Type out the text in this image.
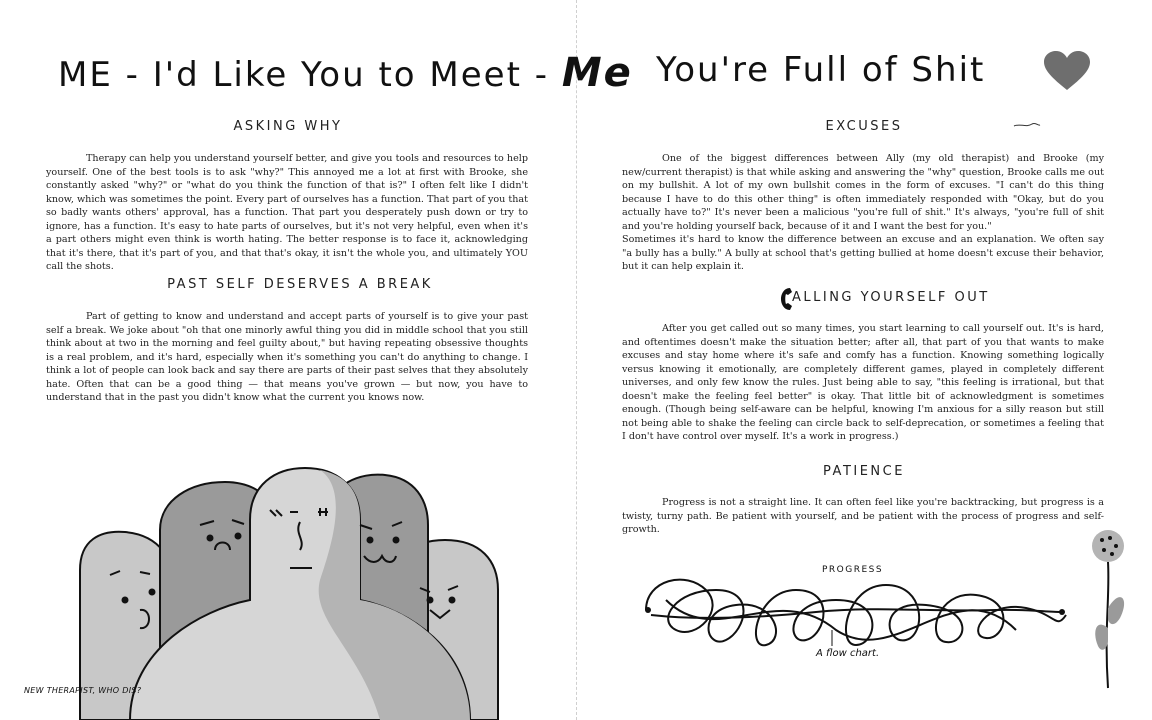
ME - I'd Like You to Meet - Me
ASKING WHY

Therapy can help you understand yourself better, and give you tools and resources to help yourself. One of the best tools is to ask "why?" This annoyed me a lot at first with Brooke, she constantly asked "why?" or "what do you think the function of that is?" I often felt like I didn't know, which was sometimes the point. Every part of ourselves has a function. That part of you that so badly wants others' approval, has a function. That part you desperately push down or try to ignore, has a function. It's easy to hate parts of ourselves, but it's not very helpful, even when it's a part others might even think is worth hating. The better response is to face it, acknowledging that it's there, that it's part of you, and that that's okay, it isn't the whole you, and ultimately YOU call the shots.

PAST SELF DESERVES A BREAK

Part of getting to know and understand and accept parts of yourself is to give your past self a break. We joke about "oh that one minorly awful thing you did in middle school that you still think about at two in the morning and feel guilty about," but having repeating obsessive thoughts is a real problem, and it's hard, especially when it's something you can't do anything to change. I think a lot of people can look back and say there are parts of their past selves that they absolutely hate. Often that can be a good thing — that means you've grown — but now, you have to understand that in the past you didn't know what the current you knows now.

NEW THERAPIST, WHO DIS?
You're Full of Shit
EXCUSES

One of the biggest differences between Ally (my old therapist) and Brooke (my new/current therapist) is that while asking and answering the "why" question, Brooke calls me out on my bullshit. A lot of my own bullshit comes in the form of excuses. "I can't do this thing because I have to do this other thing" is often immediately responded with "Okay, but do you actually have to?" It's never been a malicious "you're full of shit." It's always, "you're full of shit and you're holding yourself back, because of it and I want the best for you."

Sometimes it's hard to know the difference between an excuse and an explanation. We often say "a bully has a bully." A bully at school that's getting bullied at home doesn't excuse their behavior, but it can help explain it.

ALLING YOURSELF OUT

After you get called out so many times, you start learning to call yourself out. It's is hard, and oftentimes doesn't make the situation better; after all, that part of you that wants to make excuses and stay home where it's safe and comfy has a function. Knowing something logically versus knowing it emotionally, are completely different games, played in completely different universes, and only few know the rules. Just being able to say, "this feeling is irrational, but that doesn't make the feeling feel better" is okay. That little bit of acknowledgment is sometimes enough. (Though being self-aware can be helpful, knowing I'm anxious for a silly reason but still not being able to shake the feeling can circle back to self-deprecation, or sometimes a feeling that I don't have control over myself. It's a work in progress.)

PATIENCE

Progress is not a straight line. It can often feel like you're backtracking, but progress is a twisty, turny path. Be patient with yourself, and be patient with the process of progress and self-growth.

PROGRESS
A flow chart.
